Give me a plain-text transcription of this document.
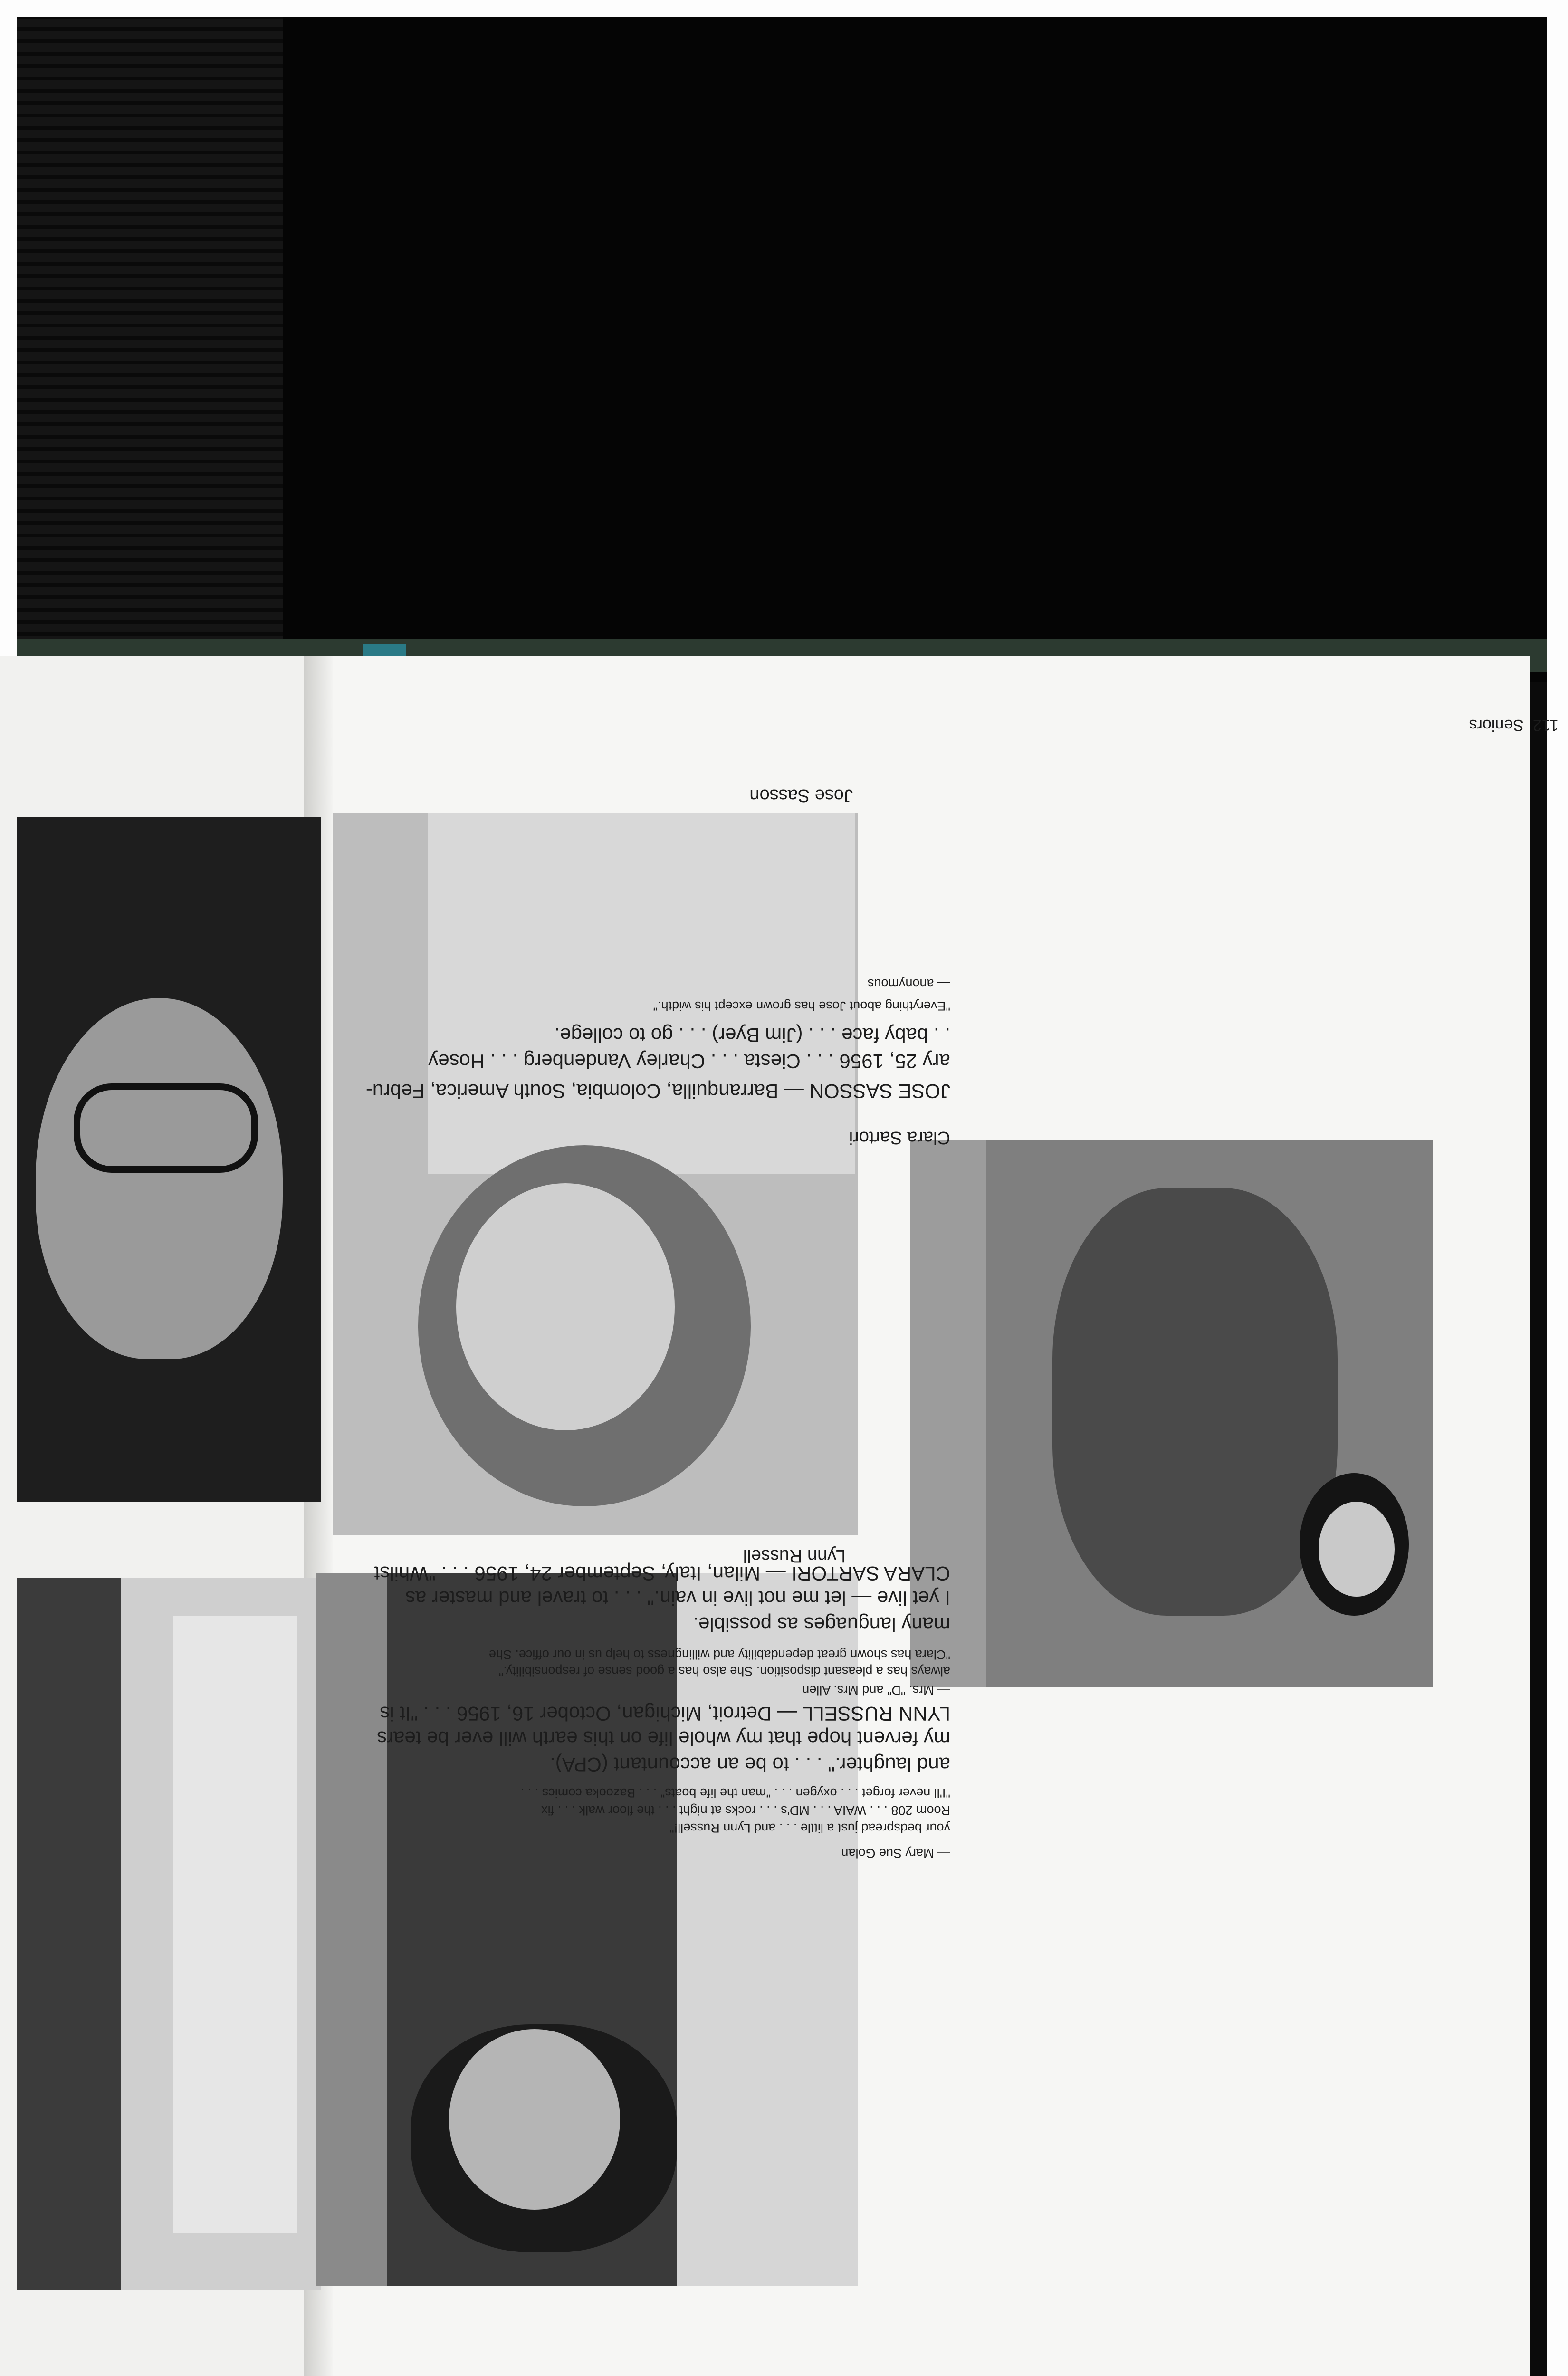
112  Seniors
Jose Sasson
JOSE SASSON — Barranquilla, Colombia, South America, Febru-
ary 25, 1956 . . . Ciesta . . . Charley Vandenberg . . . Hosey
. . baby face . . . (Jim Byer) . . . go to college.
"Everything about Jose has grown except his width."
— anonymous
Clara Sartori
Lynn Russell
— Mrs. "D" and Mrs. Allen
always has a pleasant disposition. She also has a good sense of responsibility."
"Clara has shown great dependability and willingness to help us in our office. She
many languages as possible.
I yet live — let me not live in vain." . . . to travel and master as
CLARA SARTORI — Milan, Italy, September 24, 1956 . . . "Whilst
— Mary Sue Golan
your bedspread just a little . . . and Lynn Russell!"
Room 208 . . . WAIA . . . MD's . . . rocks at night . . . the floor walk . . . fix
"I'll never forget . . . oxygen . . . "man the life boats" . . . Bazooka comics . . .
and laughter." . . . to be an accountant (CPA).
my fervent hope that my whole life on this earth will ever be tears
LYNN RUSSELL — Detroit, Michigan, October 16, 1956 . . . "It is
